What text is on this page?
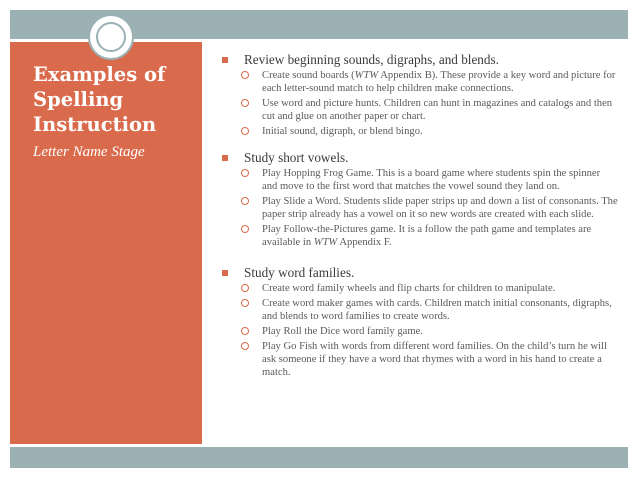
Examples of Spelling Instruction
Letter Name Stage
Review beginning sounds, digraphs, and blends.
Create sound boards (WTW Appendix B). These provide a key word and picture for each letter-sound match to help children make connections.
Use word and picture hunts. Children can hunt in magazines and catalogs and then cut and glue on another paper or chart.
Initial sound, digraph, or blend bingo.
Study short vowels.
Play Hopping Frog Game. This is a board game where students spin the spinner and move to the first word that matches the vowel sound they land on.
Play Slide a Word. Students slide paper strips up and down a list of consonants. The paper strip already has a vowel on it so new words are created with each slide.
Play Follow-the-Pictures game. It is a follow the path game and templates are available in WTW Appendix F.
Study word families.
Create word family wheels and flip charts for children to manipulate.
Create word maker games with cards. Children match initial consonants, digraphs, and blends to word families to create words.
Play Roll the Dice word family game.
Play Go Fish with words from different word families. On the child’s turn he will ask someone if they have a word that rhymes with a word in his hand to create a match.
